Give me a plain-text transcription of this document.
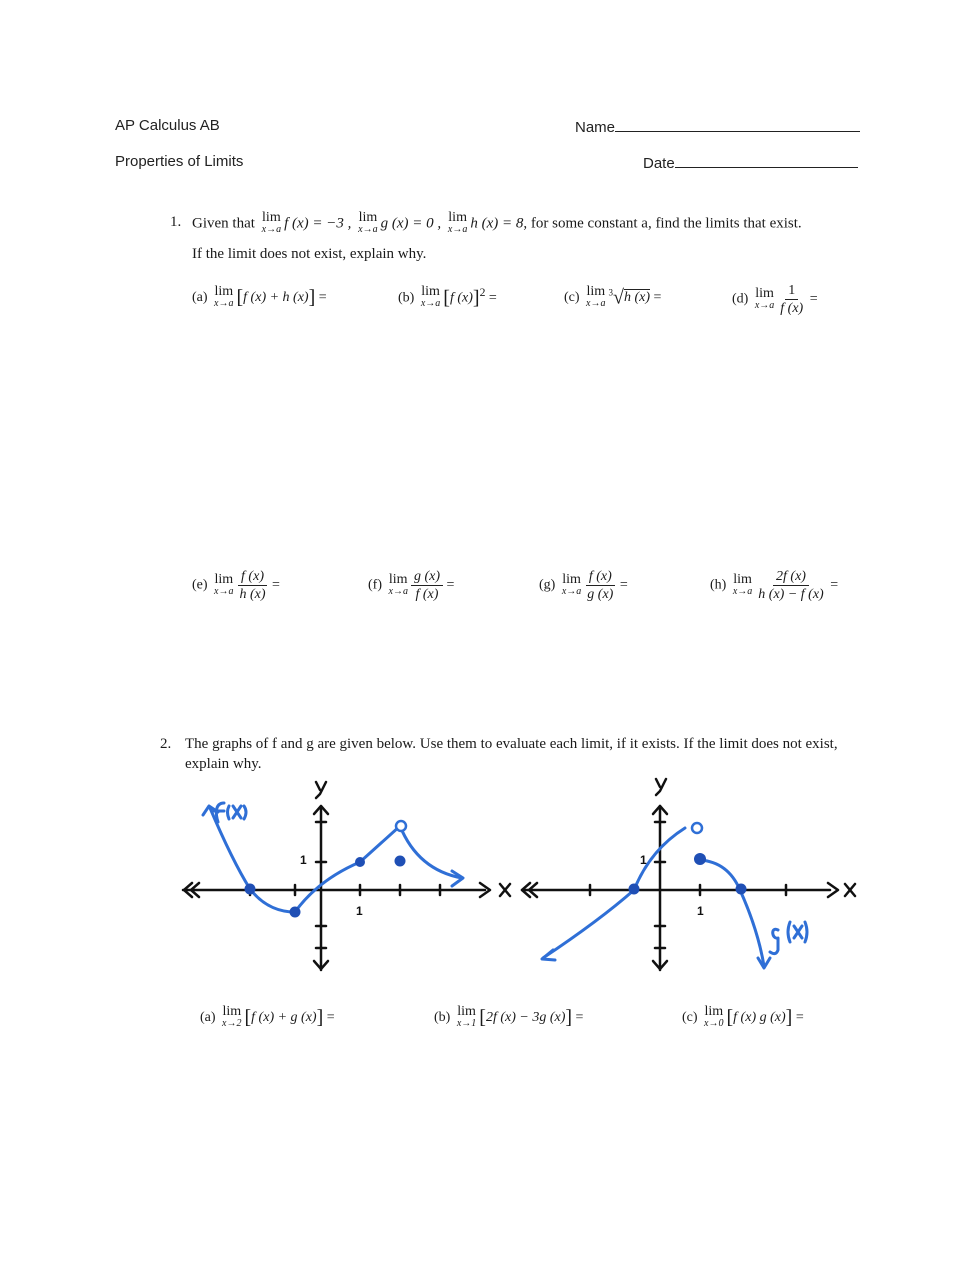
AP Calculus AB
Properties of Limits
Name
Date
1. Given that lim
x→a f (x) = −3 , lim
x→a g (x) = 0 , lim
x→a h (x) = 8, for some constant a, find the limits that exist.
If the limit does not exist, explain why.
(a) lim
x→a [f (x) + h (x)] =	(b) lim
x→a [f (x)]$^2$ =	(c) lim
x→a
$^3$√h (x) =	(d) lim
$x\to a \frac{1}{f (x)}$ =
(e) lim
$x\to a \frac{f (x)}{h (x)}$ =	(f) lim
$x\to a \frac{g (x)}{f (x)}$ =	(g) lim
$x\to a \frac{f (x)}{g (x)}$ =	(h) lim
$x\to a \frac{2f (x)}{h (x) - f (x)}$ =
2. The graphs of f and g are given below. Use them to evaluate each limit, if it exists. If the limit does not exist, explain why.
1
1
1
1
(a) lim
x→2 [f (x) + g (x)] =	(b) lim
x→1 [2f (x) − 3g (x)] =	(c) lim
x→0 [f (x) g (x)] =
